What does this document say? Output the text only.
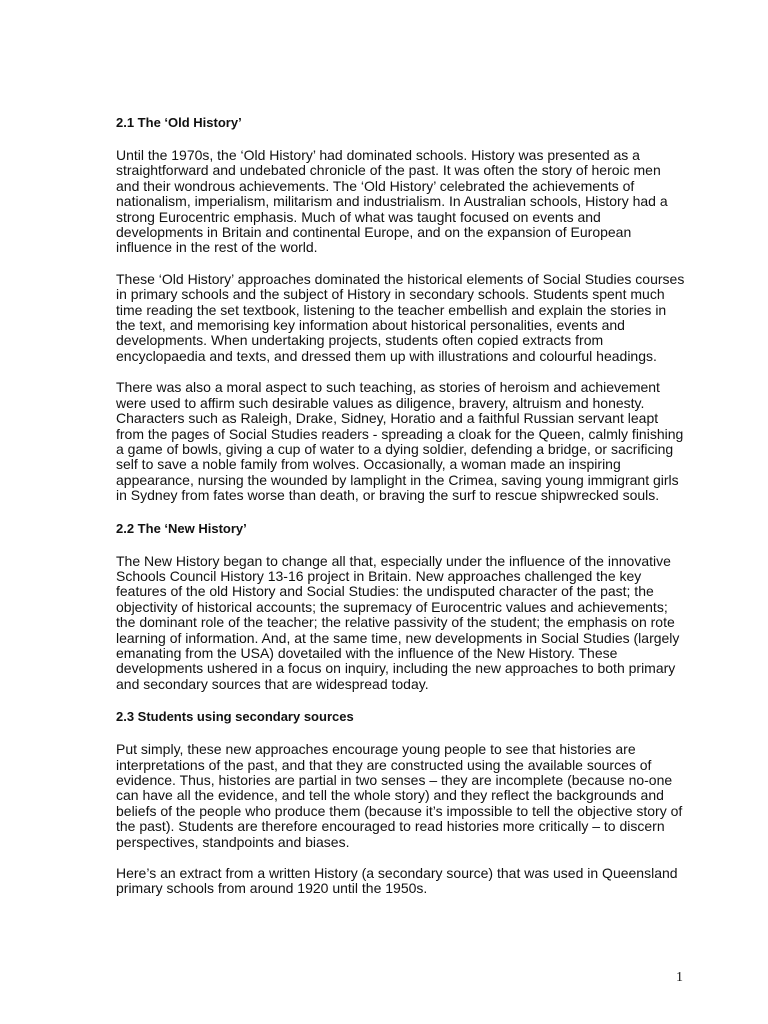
2.1 The ‘Old History’

Until the 1970s, the ‘Old History’ had dominated schools. History was presented as a straightforward and undebated chronicle of the past. It was often the story of heroic men and their wondrous achievements. The ‘Old History’ celebrated the achievements of nationalism, imperialism, militarism and industrialism. In Australian schools, History had a strong Eurocentric emphasis. Much of what was taught focused on events and developments in Britain and continental Europe, and on the expansion of European influence in the rest of the world.

These ‘Old History’ approaches dominated the historical elements of Social Studies courses in primary schools and the subject of History in secondary schools. Students spent much time reading the set textbook, listening to the teacher embellish and explain the stories in the text, and memorising key information about historical personalities, events and developments. When undertaking projects, students often copied extracts from encyclopaedia and texts, and dressed them up with illustrations and colourful headings.

There was also a moral aspect to such teaching, as stories of heroism and achievement were used to affirm such desirable values as diligence, bravery, altruism and honesty. Characters such as Raleigh, Drake, Sidney, Horatio and a faithful Russian servant leapt from the pages of Social Studies readers - spreading a cloak for the Queen, calmly finishing a game of bowls, giving a cup of water to a dying soldier, defending a bridge, or sacrificing self to save a noble family from wolves. Occasionally, a woman made an inspiring appearance, nursing the wounded by lamplight in the Crimea, saving young immigrant girls in Sydney from fates worse than death, or braving the surf to rescue shipwrecked souls.

2.2 The ‘New History’

The New History began to change all that, especially under the influence of the innovative Schools Council History 13-16 project in Britain. New approaches challenged the key features of the old History and Social Studies: the undisputed character of the past; the objectivity of historical accounts; the supremacy of Eurocentric values and achievements; the dominant role of the teacher; the relative passivity of the student; the emphasis on rote learning of information. And, at the same time, new developments in Social Studies (largely emanating from the USA) dovetailed with the influence of the New History. These developments ushered in a focus on inquiry, including the new approaches to both primary and secondary sources that are widespread today.

2.3 Students using secondary sources

Put simply, these new approaches encourage young people to see that histories are interpretations of the past, and that they are constructed using the available sources of evidence. Thus, histories are partial in two senses – they are incomplete (because no-one can have all the evidence, and tell the whole story) and they reflect the backgrounds and beliefs of the people who produce them (because it’s impossible to tell the objective story of the past). Students are therefore encouraged to read histories more critically – to discern perspectives, standpoints and biases.

Here’s an extract from a written History (a secondary source) that was used in Queensland primary schools from around 1920 until the 1950s.

1
